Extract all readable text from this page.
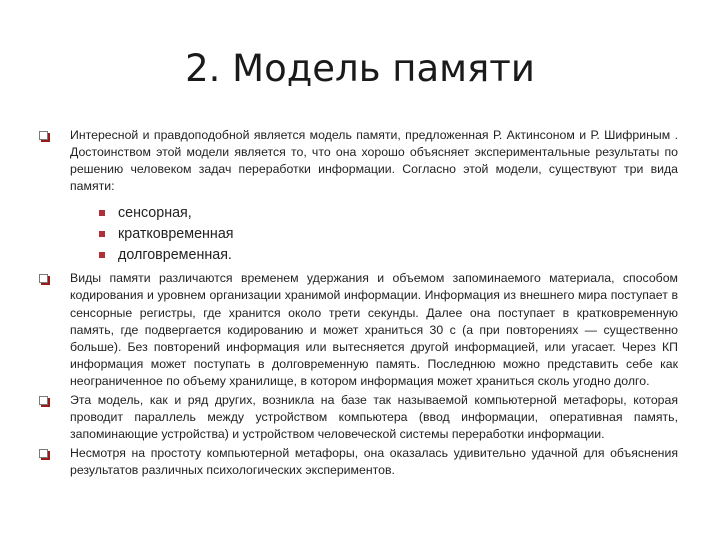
2. Модель памяти
Интересной и правдоподобной является модель памяти, предложенная Р. Актинсоном и Р. Шифриным . Достоинством этой модели является то, что она хорошо объясняет экспериментальные результаты по решению человеком задач переработки информации. Согласно этой модели, существуют три вида памяти:
сенсорная,
кратковременная
долговременная.
Виды памяти различаются временем удержания и объемом запоминаемого материала, способом кодирования и уровнем организации хранимой информации. Информация из внешнего мира поступает в сенсорные регистры, где хранится около трети секунды. Далее она поступает в кратковременную память, где подвергается кодированию и может храниться 30 с (а при повторениях — существенно больше). Без повторений информация или вытесняется другой информацией, или угасает. Через КП информация может поступать в долговременную память. Последнюю можно представить себе как неограниченное по объему хранилище, в котором информация может храниться сколь угодно долго.
Эта модель, как и ряд других, возникла на базе так называемой компьютерной метафоры, которая проводит параллель между устройством компьютера (ввод информации, оперативная память, запоминающие устройства) и устройством человеческой системы переработки информации.
Несмотря на простоту компьютерной метафоры, она оказалась удивительно удачной для объяснения результатов различных психологических экспериментов.
